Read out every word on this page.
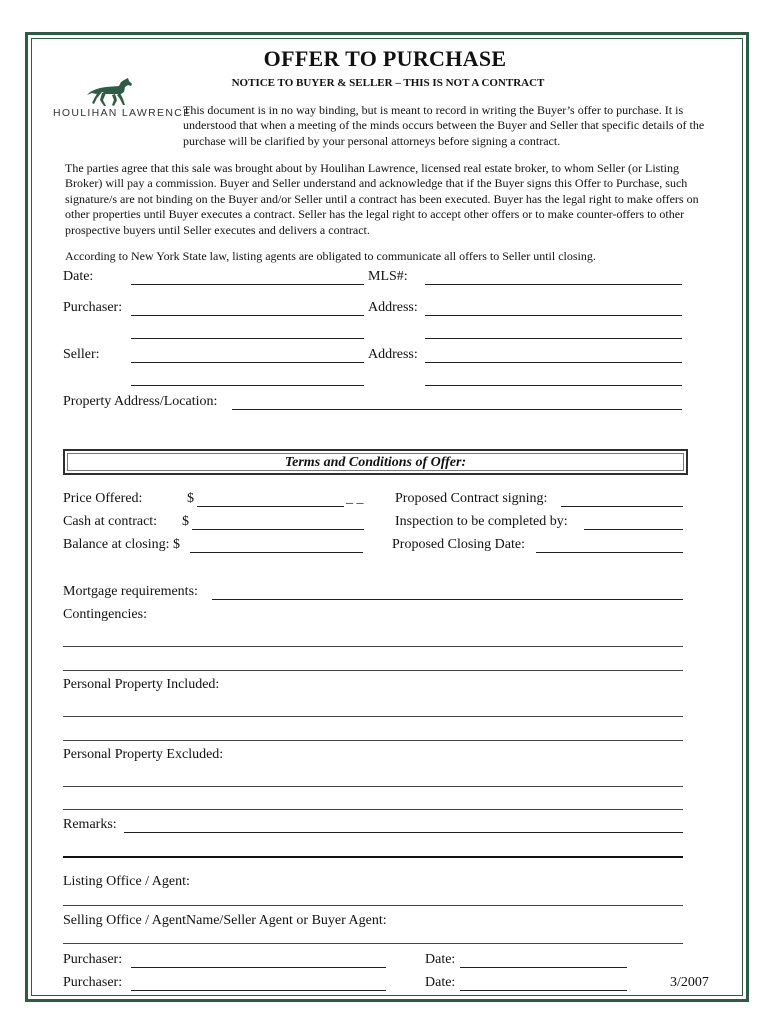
OFFER TO PURCHASE
NOTICE TO BUYER & SELLER – THIS IS NOT A CONTRACT
HOULIHAN LAWRENCE
This document is in no way binding, but is meant to record in writing the Buyer’s offer to purchase. It is understood that when a meeting of the minds occurs between the Buyer and Seller that specific details of the purchase will be clarified by your personal attorneys before signing a contract.
The parties agree that this sale was brought about by Houlihan Lawrence, licensed real estate broker, to whom Seller (or Listing Broker) will pay a commission. Buyer and Seller understand and acknowledge that if the Buyer signs this Offer to Purchase, such signature/s are not binding on the Buyer and/or Seller until a contract has been executed. Buyer has the legal right to make offers on other properties until Buyer executes a contract. Seller has the legal right to accept other offers or to make counter-offers to other prospective buyers until Seller executes and delivers a contract.
According to New York State law, listing agents are obligated to communicate all offers to Seller until closing.
Date:	MLS#:
Purchaser:	Address:
Seller:	Address:
Property Address/Location:
Terms and Conditions of Offer:
Price Offered:	$	_ _ Proposed Contract signing:
Cash at contract: $	Inspection to be completed by:
Balance at closing: $	Proposed Closing Date:
Mortgage requirements:
Contingencies:
Personal Property Included:
Personal Property Excluded:
Remarks:
Listing Office / Agent:
Selling Office / AgentName/Seller Agent or Buyer Agent:
Purchaser:	Date:
Purchaser:	Date:	3/2007
